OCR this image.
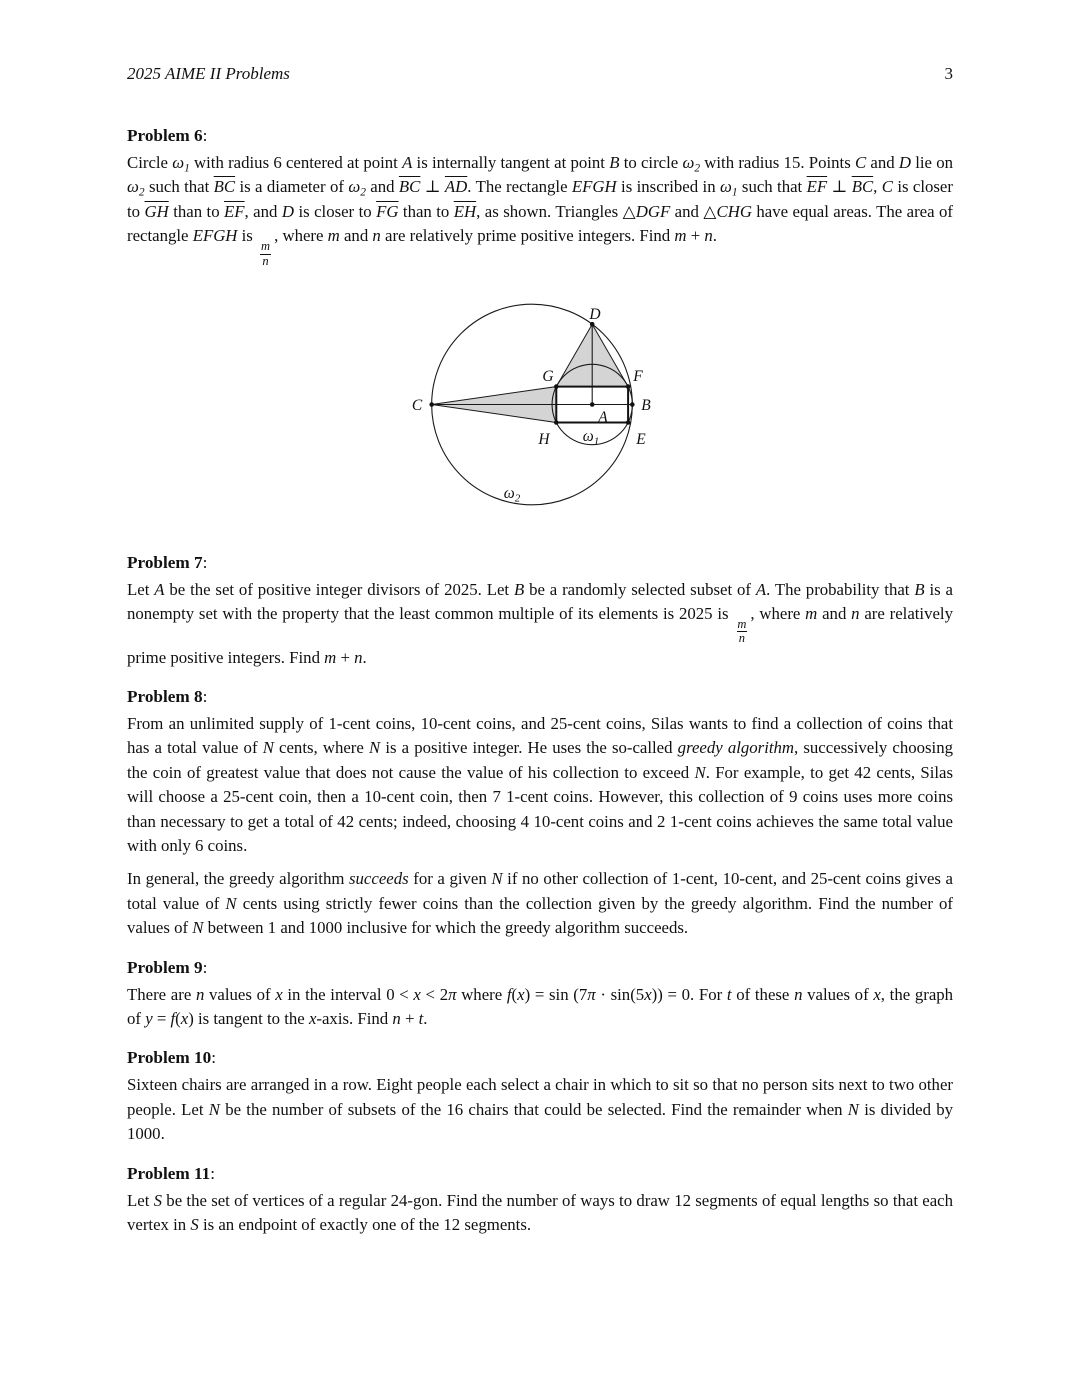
2025 AIME II Problems	3

Problem 6:

Circle $\omega_1$ with radius 6 centered at point A is internally tangent at point B to circle $\omega_2$ with radius 15. Points C and D lie on $\omega_2$ such that $\overline{BC}$ is a diameter of $\omega_2$ and $\overline{BC}$ ⊥ $\overline{AD}$. The rectangle EFGH is inscribed in $\omega_1$ such that $\overline{EF}$ ⊥ $\overline{BC}$, C is closer to $\overline{GH}$ than to $\overline{EF}$, and D is closer to $\overline{FG}$ than to $\overline{EH}$, as shown. Triangles △DGF and △CHG have equal areas. The area of rectangle EFGH is
$\frac{m}{n}$
, where m and n are relatively prime positive integers. Find m + n.

D
G	F
C	B
H	E
A
$\omega_1$
$\omega_2$

Problem 7:

Let A be the set of positive integer divisors of 2025. Let B be a randomly selected subset of A. The probability that B is a nonempty set with the property that the least common multiple of its elements is 2025 is
$\frac{m}{n}$
, where m and n are relatively prime positive integers. Find m + n.

Problem 8:

From an unlimited supply of 1-cent coins, 10-cent coins, and 25-cent coins, Silas wants to find a collection of coins that has a total value of N cents, where N is a positive integer. He uses the so-called greedy algorithm, successively choosing the coin of greatest value that does not cause the value of his collection to exceed N. For example, to get 42 cents, Silas will choose a 25-cent coin, then a 10-cent coin, then 7 1-cent coins. However, this collection of 9 coins uses more coins than necessary to get a total of 42 cents; indeed, choosing 4 10-cent coins and 2 1-cent coins achieves the same total value with only 6 coins.

In general, the greedy algorithm succeeds for a given N if no other collection of 1-cent, 10-cent, and 25-cent coins gives a total value of N cents using strictly fewer coins than the collection given by the greedy algorithm. Find the number of values of N between 1 and 1000 inclusive for which the greedy algorithm succeeds.

Problem 9:

There are n values of x in the interval 0 < x < 2π where f(x) = sin (7π · sin(5x)) = 0. For t of these n values of x, the graph of y = f(x) is tangent to the x-axis. Find n + t.

Problem 10:

Sixteen chairs are arranged in a row. Eight people each select a chair in which to sit so that no person sits next to two other people. Let N be the number of subsets of the 16 chairs that could be selected. Find the remainder when N is divided by 1000.

Problem 11:

Let S be the set of vertices of a regular 24-gon. Find the number of ways to draw 12 segments of equal lengths so that each vertex in S is an endpoint of exactly one of the 12 segments.
